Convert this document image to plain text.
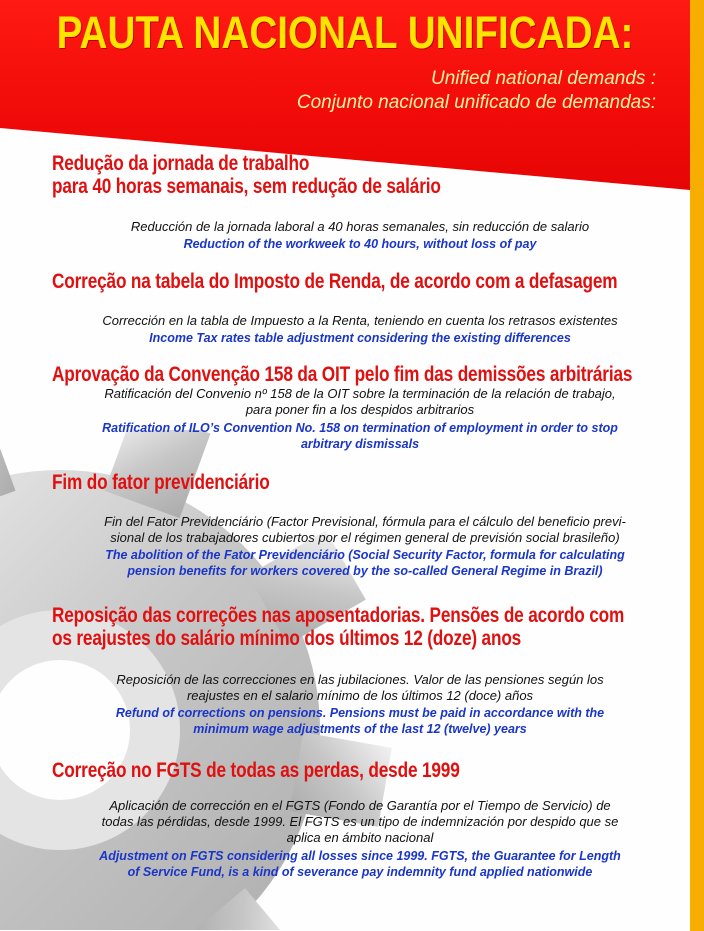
PAUTA NACIONAL UNIFICADA:
Unified national demands :
Conjunto nacional unificado de demandas:
Redução da jornada de trabalho
para 40 horas semanais, sem redução de salário
Reducción de la jornada laboral a 40 horas semanales, sin reducción de salario
Reduction of the workweek to 40 hours, without loss of pay
Correção na tabela do Imposto de Renda, de acordo com a defasagem
Corrección en la tabla de Impuesto a la Renta, teniendo en cuenta los retrasos existentes
Income Tax rates table adjustment considering the existing differences
Aprovação da Convenção 158 da OIT pelo fim das demissões arbitrárias
Ratificación del Convenio nº 158 de la OIT sobre la terminación de la relación de trabajo,
para poner fin a los despidos arbitrarios
Ratification of ILO’s Convention No. 158 on termination of employment in order to stop
arbitrary dismissals
Fim do fator previdenciário
Fin del Fator Previdenciário (Factor Previsional, fórmula para el cálculo del beneficio previ-
sional de los trabajadores cubiertos por el régimen general de previsión social brasileño)
The abolition of the Fator Previdenciário (Social Security Factor, formula for calculating
pension benefits for workers covered by the so-called General Regime in Brazil)
Reposição das correções nas aposentadorias. Pensões de acordo com
os reajustes do salário mínimo dos últimos 12 (doze) anos
Reposición de las correcciones en las jubilaciones. Valor de las pensiones según los
reajustes en el salario mínimo de los últimos 12 (doce) años
Refund of corrections on pensions. Pensions must be paid in accordance with the
minimum wage adjustments of the last 12 (twelve) years
Correção no FGTS de todas as perdas, desde 1999
Aplicación de corrección en el FGTS (Fondo de Garantía por el Tiempo de Servicio) de
todas las pérdidas, desde 1999. El FGTS es un tipo de indemnización por despido que se
aplica en ámbito nacional
Adjustment on FGTS considering all losses since 1999. FGTS, the Guarantee for Length
of Service Fund, is a kind of severance pay indemnity fund applied nationwide
